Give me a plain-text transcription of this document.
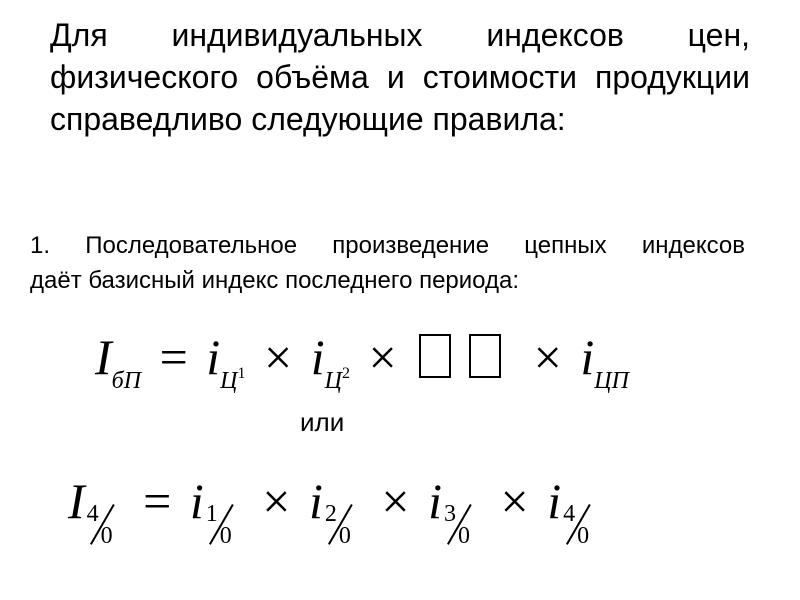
Для индивидуальных индексов цен,
физического объёма и стоимости продукции
справедливо следующие правила:
1. Последовательное произведение цепных индексов
даёт базисный индекс последнего периода:
$I_{бП} = i_Ц1 \times i_Ц2$ ×	× $i_{ЦП}$
или
I 4
0
= i 1
0
× i 2
0
× i 3
0
× i 4
0
